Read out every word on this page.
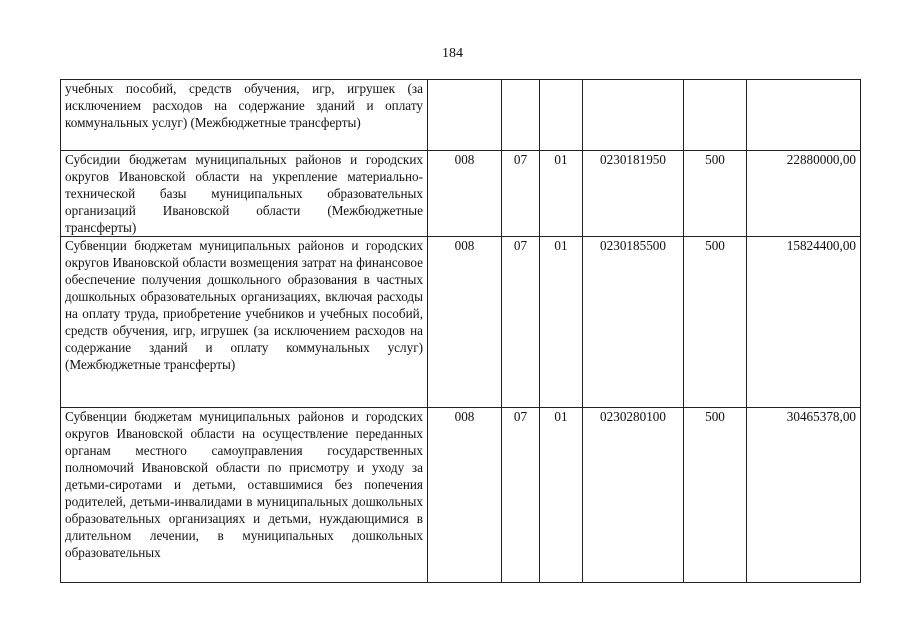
184
учебных пособий, средств обучения, игр, игрушек (за исключением расходов на содержание зданий и оплату коммунальных услуг) (Межбюджетные трансферты)						
Субсидии бюджетам муниципальных районов и городских округов Ивановской области на укрепление материально-технической базы муниципальных образовательных организаций Ивановской области (Межбюджетные трансферты)	008	07	01	0230181950	500	22880000,00
Субвенции бюджетам муниципальных районов и городских округов Ивановской области возмещения затрат на финансовое обеспечение получения дошкольного образования в частных дошкольных образовательных организациях, включая расходы на оплату труда, приобретение учебников и учебных пособий, средств обучения, игр, игрушек (за исключением расходов на содержание зданий и оплату коммунальных услуг) (Межбюджетные трансферты)	008	07	01	0230185500	500	15824400,00
Субвенции бюджетам муниципальных районов и городских округов Ивановской области на осуществление переданных органам местного самоуправления государственных полномочий Ивановской области по присмотру и уходу за детьми-сиротами и детьми, оставшимися без попечения родителей, детьми-инвалидами в муниципальных дошкольных образовательных организациях и детьми, нуждающимися в длительном лечении, в муниципальных дошкольных образовательных	008	07	01	0230280100	500	30465378,00
